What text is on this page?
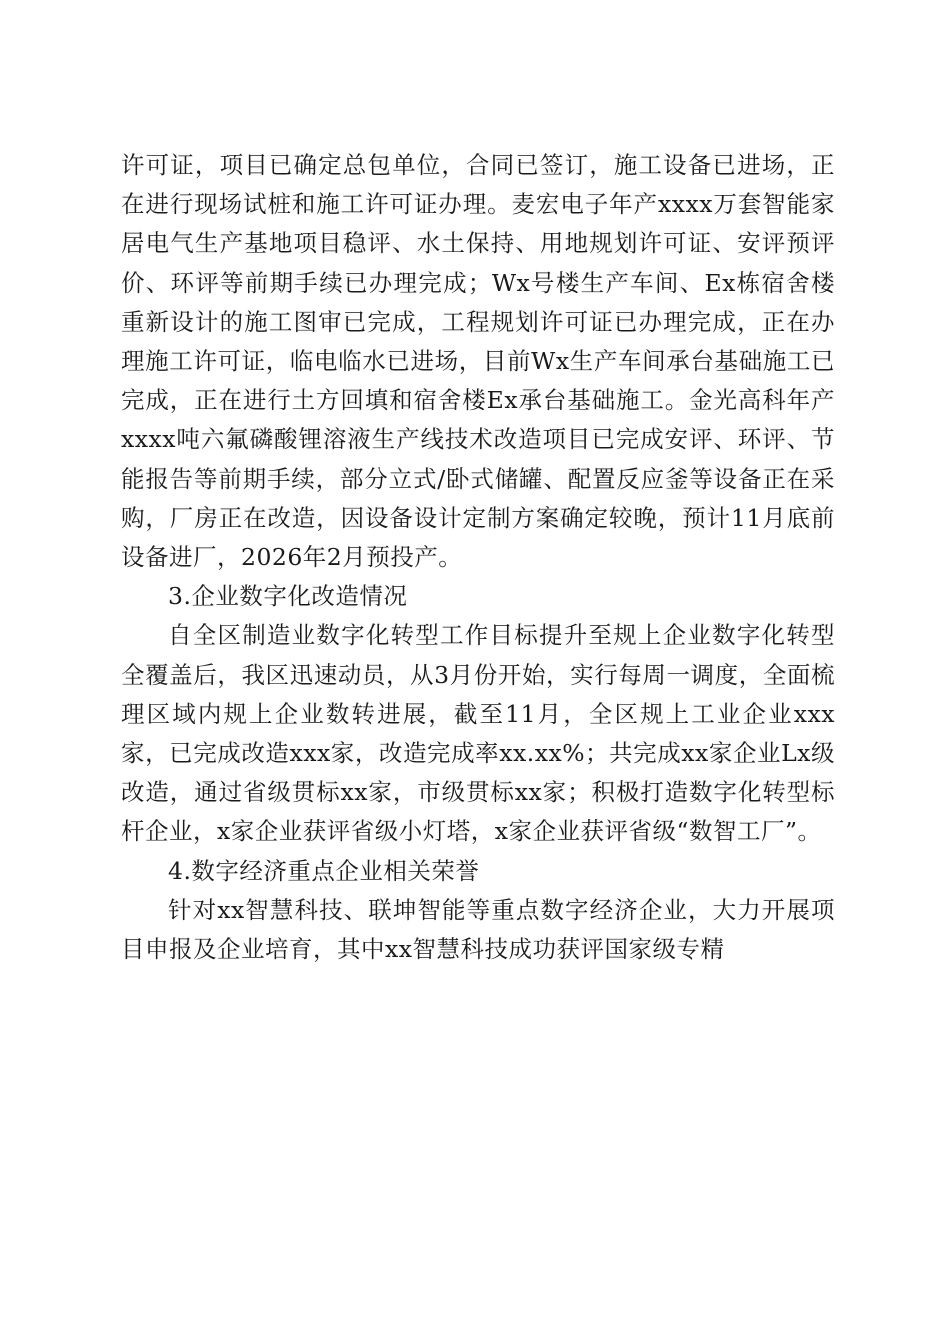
许可证，项目已确定总包单位，合同已签订，施工设备已进场，正在进行现场试桩和施工许可证办理。麦宏电子年产xxxx万套智能家居电气生产基地项目稳评、水土保持、用地规划许可证、安评预评价、环评等前期手续已办理完成；Wx号楼生产车间、Ex栋宿舍楼重新设计的施工图审已完成，工程规划许可证已办理完成，正在办理施工许可证，临电临水已进场，目前Wx生产车间承台基础施工已完成，正在进行土方回填和宿舍楼Ex承台基础施工。金光高科年产xxxx吨六氟磷酸锂溶液生产线技术改造项目已完成安评、环评、节能报告等前期手续，部分立式/卧式储罐、配置反应釜等设备正在采购，厂房正在改造，因设备设计定制方案确定较晚，预计11月底前设备进厂，2026年2月预投产。

3.企业数字化改造情况

自全区制造业数字化转型工作目标提升至规上企业数字化转型全覆盖后，我区迅速动员，从3月份开始，实行每周一调度，全面梳理区域内规上企业数转进展，截至11月，全区规上工业企业xxx家，已完成改造xxx家，改造完成率xx.xx%；共完成xx家企业Lx级改造，通过省级贯标xx家，市级贯标xx家；积极打造数字化转型标杆企业，x家企业获评省级小灯塔，x家企业获评省级“数智工厂”。

4.数字经济重点企业相关荣誉

针对xx智慧科技、联坤智能等重点数字经济企业，大力开展项目申报及企业培育，其中xx智慧科技成功获评国家级专精
